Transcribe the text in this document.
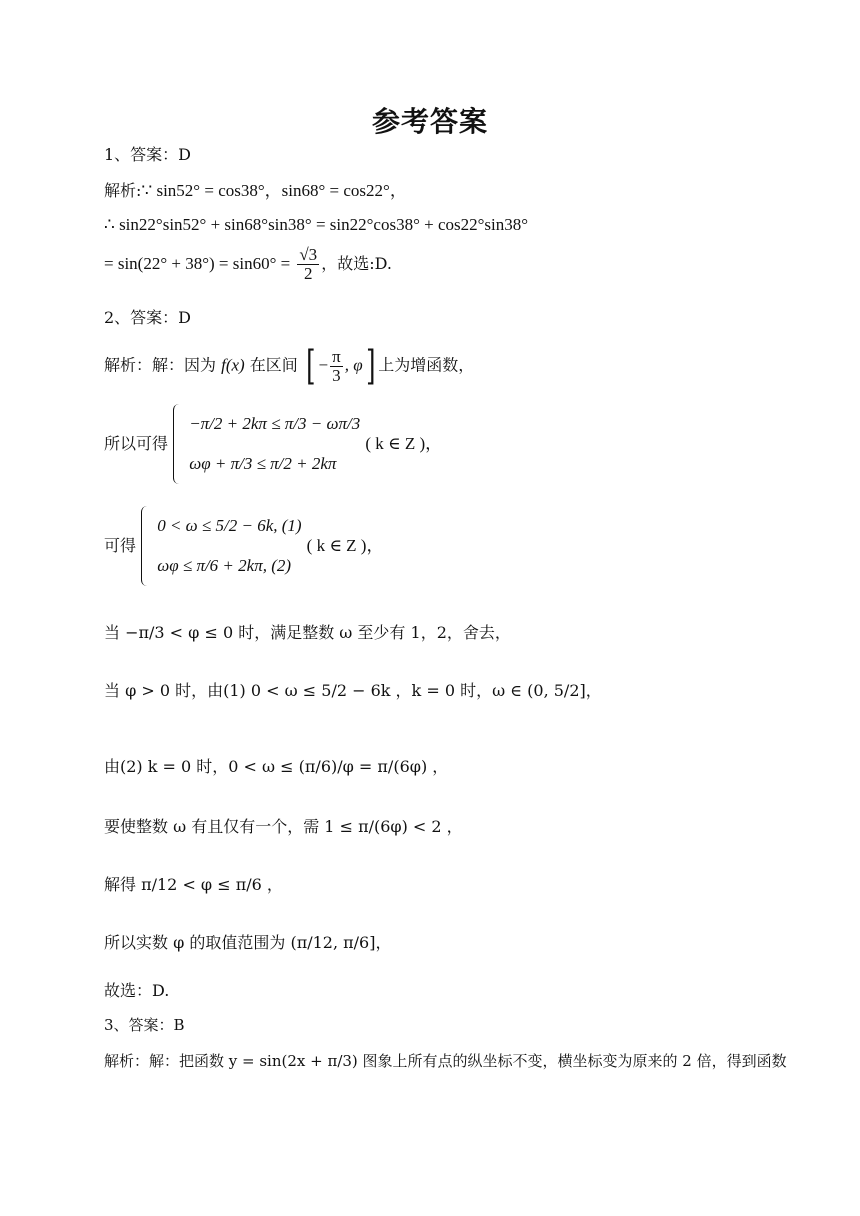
参考答案
1、答案：D
解析:∵ sin52° = cos38°，sin68° = cos22°，
∴ sin22°sin52° + sin68°sin38° = sin22°cos38° + cos22°sin38°
= $\sin(22^\circ + 38^\circ) = \sin 60^\circ = \frac{√3}{2}$ ，故选:D.
2、答案：D
解析：解：因为 f(x) 在区间 [ − $\frac{\pi}{3}$ , φ] 上为增函数，
所以可得
−π/2 + 2kπ ≤ π/3 − ωπ/3
ωφ + π/3 ≤ π/2 + 2kπ
( k ∈ Z )，
可得
0 < ω ≤ 5/2 − 6k, (1)
ωφ ≤ π/6 + 2kπ, (2)
( k ∈ Z )，
当 −π/3 < φ ≤ 0 时，满足整数 ω 至少有 1，2，舍去，
当 φ > 0 时，由(1) 0 < ω ≤ 5/2 − 6k ，k = 0 时，ω ∈ (0, 5/2]，
由(2) k = 0 时，0 < ω ≤ (π/6)/φ = π/(6φ) ，
要使整数 ω 有且仅有一个，需 1 ≤ π/(6φ) < 2 ，
解得 π/12 < φ ≤ π/6 ，
所以实数 φ 的取值范围为 (π/12, π/6]，
故选：D.
3、答案：B
解析：解：把函数 y = sin(2x + π/3) 图象上所有点的纵坐标不变，横坐标变为原来的 2 倍，得到函数
